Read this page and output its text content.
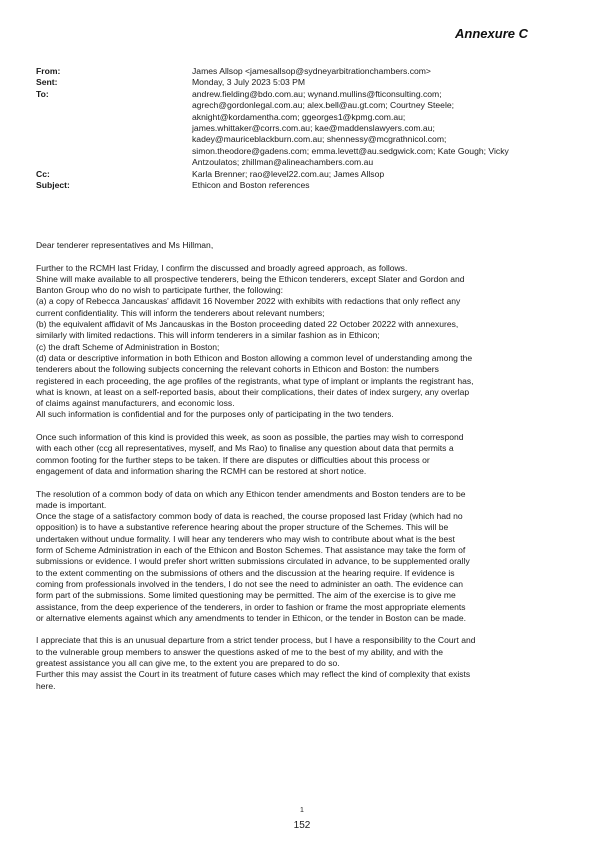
Annexure C
From:	James Allsop <jamesallsop@sydneyarbitrationchambers.com>
Sent:	Monday, 3 July 2023 5:03 PM
To:	andrew.fielding@bdo.com.au; wynand.mullins@fticonsulting.com;
agrech@gordonlegal.com.au; alex.bell@au.gt.com; Courtney Steele;
aknight@kordamentha.com; ggeorges1@kpmg.com.au;
james.whittaker@corrs.com.au; kae@maddenslawyers.com.au;
kadey@mauriceblackburn.com.au; shennessy@mcgrathnicol.com;
simon.theodore@gadens.com; emma.levett@au.sedgwick.com; Kate Gough; Vicky
Antzoulatos; zhillman@alineachambers.com.au
Cc:	Karla Brenner; rao@level22.com.au; James Allsop
Subject:	Ethicon and Boston references

Dear tenderer representatives and Ms Hillman,

Further to the RCMH last Friday, I confirm the discussed and broadly agreed approach, as follows.
Shine will make available to all prospective tenderers, being the Ethicon tenderers, except Slater and Gordon and
Banton Group who do no wish to participate further, the following:
(a) a copy of Rebecca Jancauskas' affidavit 16 November 2022 with exhibits with redactions that only reflect any
current confidentiality. This will inform the tenderers about relevant numbers;
(b) the equivalent affidavit of Ms Jancauskas in the Boston proceeding dated 22 October 20222 with annexures,
similarly with limited redactions. This will inform tenderers in a similar fashion as in Ethicon;
(c) the draft Scheme of Administration in Boston;
(d) data or descriptive information in both Ethicon and Boston allowing a common level of understanding among the
tenderers about the following subjects concerning the relevant cohorts in Ethicon and Boston: the numbers
registered in each proceeding, the age profiles of the registrants, what type of implant or implants the registrant has,
what is known, at least on a self-reported basis, about their complications, their dates of index surgery, any overlap
of claims against manufacturers, and economic loss.
All such information is confidential and for the purposes only of participating in the two tenders.

Once such information of this kind is provided this week, as soon as possible, the parties may wish to correspond
with each other (ccg all representatives, myself, and Ms Rao) to finalise any question about data that permits a
common footing for the further steps to be taken. If there are disputes or difficulties about this process or
engagement of data and information sharing the RCMH can be restored at short notice.

The resolution of a common body of data on which any Ethicon tender amendments and Boston tenders are to be
made is important.
Once the stage of a satisfactory common body of data is reached, the course proposed last Friday (which had no
opposition) is to have a substantive reference hearing about the proper structure of the Schemes. This will be
undertaken without undue formality. I will hear any tenderers who may wish to contribute about what is the best
form of Scheme Administration in each of the Ethicon and Boston Schemes. That assistance may take the form of
submissions or evidence. I would prefer short written submissions circulated in advance, to be supplemented orally
to the extent commenting on the submissions of others and the discussion at the hearing require. If evidence is
coming from professionals involved in the tenders, I do not see the need to administer an oath. The evidence can
form part of the submissions. Some limited questioning may be permitted. The aim of the exercise is to give me
assistance, from the deep experience of the tenderers, in order to fashion or frame the most appropriate elements
or alternative elements against which any amendments to tender in Ethicon, or the tender in Boston can be made.

I appreciate that this is an unusual departure from a strict tender process, but I have a responsibility to the Court and
to the vulnerable group members to answer the questions asked of me to the best of my ability, and with the
greatest assistance you all can give me, to the extent you are prepared to do so.
Further this may assist the Court in its treatment of future cases which may reflect the kind of complexity that exists
here.

1
152
